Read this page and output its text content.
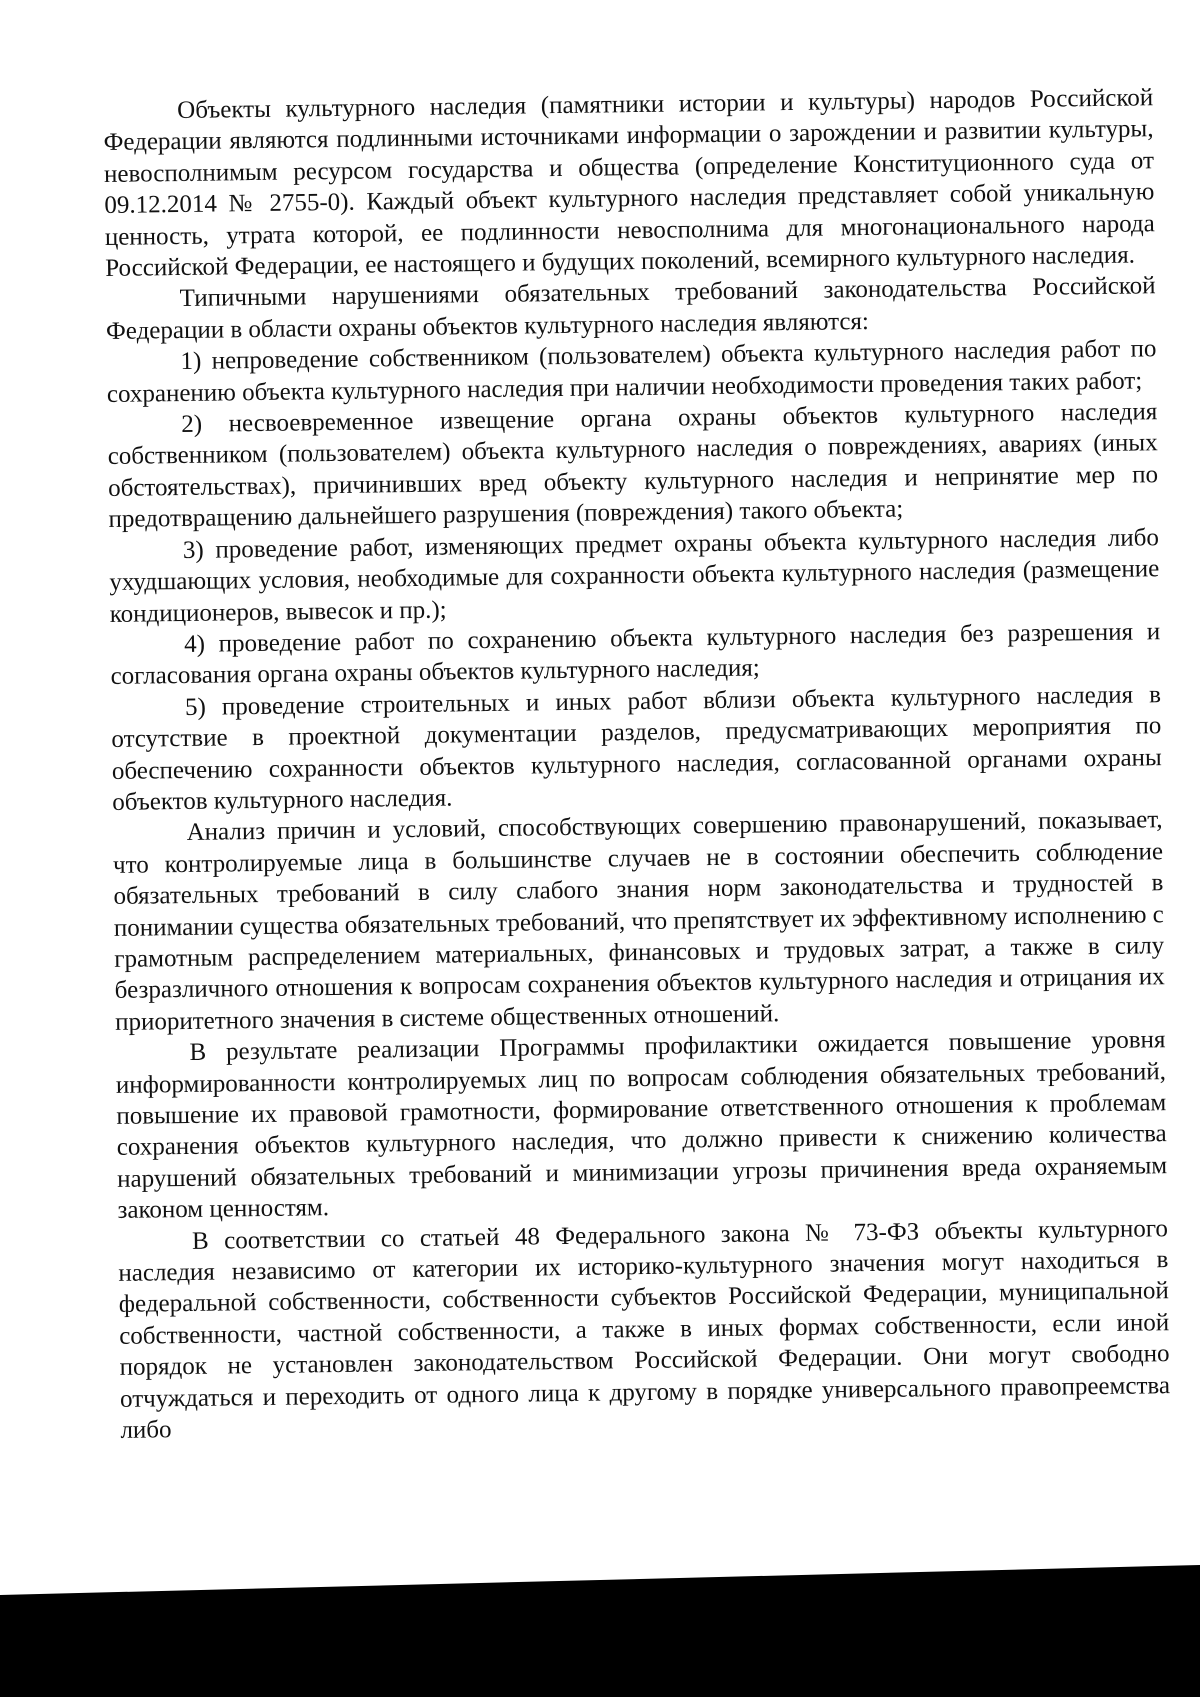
Объекты культурного наследия (памятники истории и культуры) народов Российской Федерации являются подлинными источниками информации о зарождении и развитии культуры, невосполнимым ресурсом государства и общества (определение Конституционного суда от 09.12.2014 № 2755-0). Каждый объект культурного наследия представляет собой уникальную ценность, утрата которой, ее подлинности невосполнима для многонационального народа Российской Федерации, ее настоящего и будущих поколений, всемирного культурного наследия.

Типичными нарушениями обязательных требований законодательства Российской Федерации в области охраны объектов культурного наследия являются:

1) непроведение собственником (пользователем) объекта культурного наследия работ по сохранению объекта культурного наследия при наличии необходимости проведения таких работ;

2) несвоевременное извещение органа охраны объектов культурного наследия собственником (пользователем) объекта культурного наследия о повреждениях, авариях (иных обстоятельствах), причинивших вред объекту культурного наследия и непринятие мер по предотвращению дальнейшего разрушения (повреждения) такого объекта;

3) проведение работ, изменяющих предмет охраны объекта культурного наследия либо ухудшающих условия, необходимые для сохранности объекта культурного наследия (размещение кондиционеров, вывесок и пр.);

4) проведение работ по сохранению объекта культурного наследия без разрешения и согласования органа охраны объектов культурного наследия;

5) проведение строительных и иных работ вблизи объекта культурного наследия в отсутствие в проектной документации разделов, предусматривающих мероприятия по обеспечению сохранности объектов культурного наследия, согласованной органами охраны объектов культурного наследия.

Анализ причин и условий, способствующих совершению правонарушений, показывает, что контролируемые лица в большинстве случаев не в состоянии обеспечить соблюдение обязательных требований в силу слабого знания норм законодательства и трудностей в понимании существа обязательных требований, что препятствует их эффективному исполнению с грамотным распределением материальных, финансовых и трудовых затрат, а также в силу безразличного отношения к вопросам сохранения объектов культурного наследия и отрицания их приоритетного значения в системе общественных отношений.

В результате реализации Программы профилактики ожидается повышение уровня информированности контролируемых лиц по вопросам соблюдения обязательных требований, повышение их правовой грамотности, формирование ответственного отношения к проблемам сохранения объектов культурного наследия, что должно привести к снижению количества нарушений обязательных требований и минимизации угрозы причинения вреда охраняемым законом ценностям.

В соответствии со статьей 48 Федерального закона № 73-ФЗ объекты культурного наследия независимо от категории их историко-культурного значения могут находиться в федеральной собственности, собственности субъектов Российской Федерации, муниципальной собственности, частной собственности, а также в иных формах собственности, если иной порядок не установлен законодательством Российской Федерации. Они могут свободно отчуждаться и переходить от одного лица к другому в порядке универсального правопреемства либо
